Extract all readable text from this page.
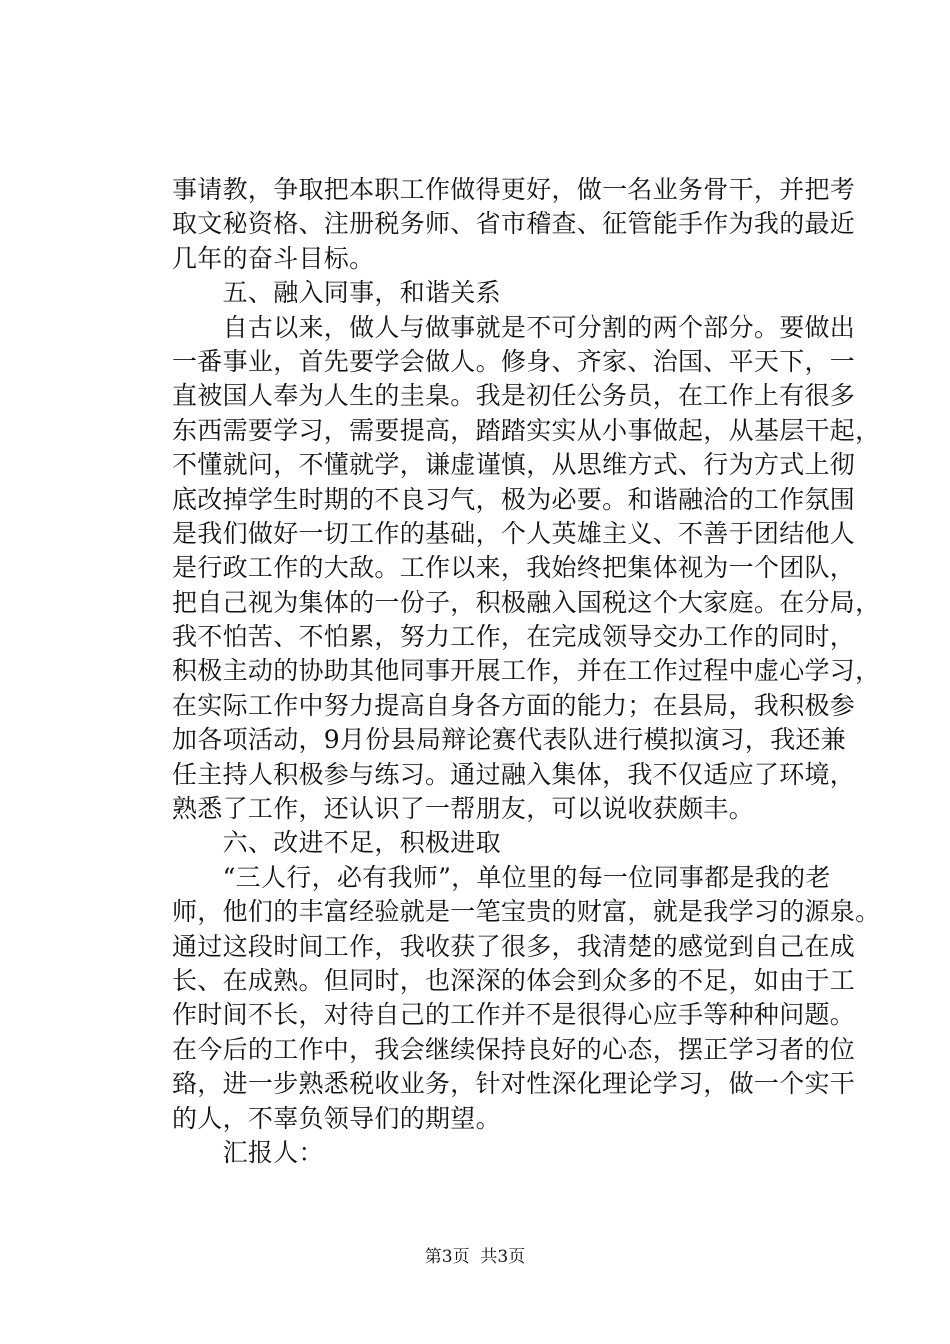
事请教，争取把本职工作做得更好，做一名业务骨干，并把考
取文秘资格、注册税务师、省市稽查、征管能手作为我的最近
几年的奋斗目标。
　　五、融入同事，和谐关系
　　自古以来，做人与做事就是不可分割的两个部分。要做出
一番事业，首先要学会做人。修身、齐家、治国、平天下，一
直被国人奉为人生的圭臬。我是初任公务员，在工作上有很多
东西需要学习，需要提高，踏踏实实从小事做起，从基层干起，
不懂就问，不懂就学，谦虚谨慎，从思维方式、行为方式上彻
底改掉学生时期的不良习气，极为必要。和谐融洽的工作氛围
是我们做好一切工作的基础，个人英雄主义、不善于团结他人
是行政工作的大敌。工作以来，我始终把集体视为一个团队，
把自己视为集体的一份子，积极融入国税这个大家庭。在分局，
我不怕苦、不怕累，努力工作，在完成领导交办工作的同时，
积极主动的协助其他同事开展工作，并在工作过程中虚心学习，
在实际工作中努力提高自身各方面的能力；在县局，我积极参
加各项活动，9月份县局辩论赛代表队进行模拟演习，我还兼
任主持人积极参与练习。通过融入集体，我不仅适应了环境，
熟悉了工作，还认识了一帮朋友，可以说收获颇丰。
　　六、改进不足，积极进取
　　“三人行，必有我师”，单位里的每一位同事都是我的老
师，他们的丰富经验就是一笔宝贵的财富，就是我学习的源泉。
通过这段时间工作，我收获了很多，我清楚的感觉到自己在成
长、在成熟。但同时，也深深的体会到众多的不足，如由于工
作时间不长，对待自己的工作并不是很得心应手等种种问题。
在今后的工作中，我会继续保持良好的心态，摆正学习者的位
臵，进一步熟悉税收业务，针对性深化理论学习，做一个实干
的人，不辜负领导们的期望。
　　汇报人：
第3页 共3页
